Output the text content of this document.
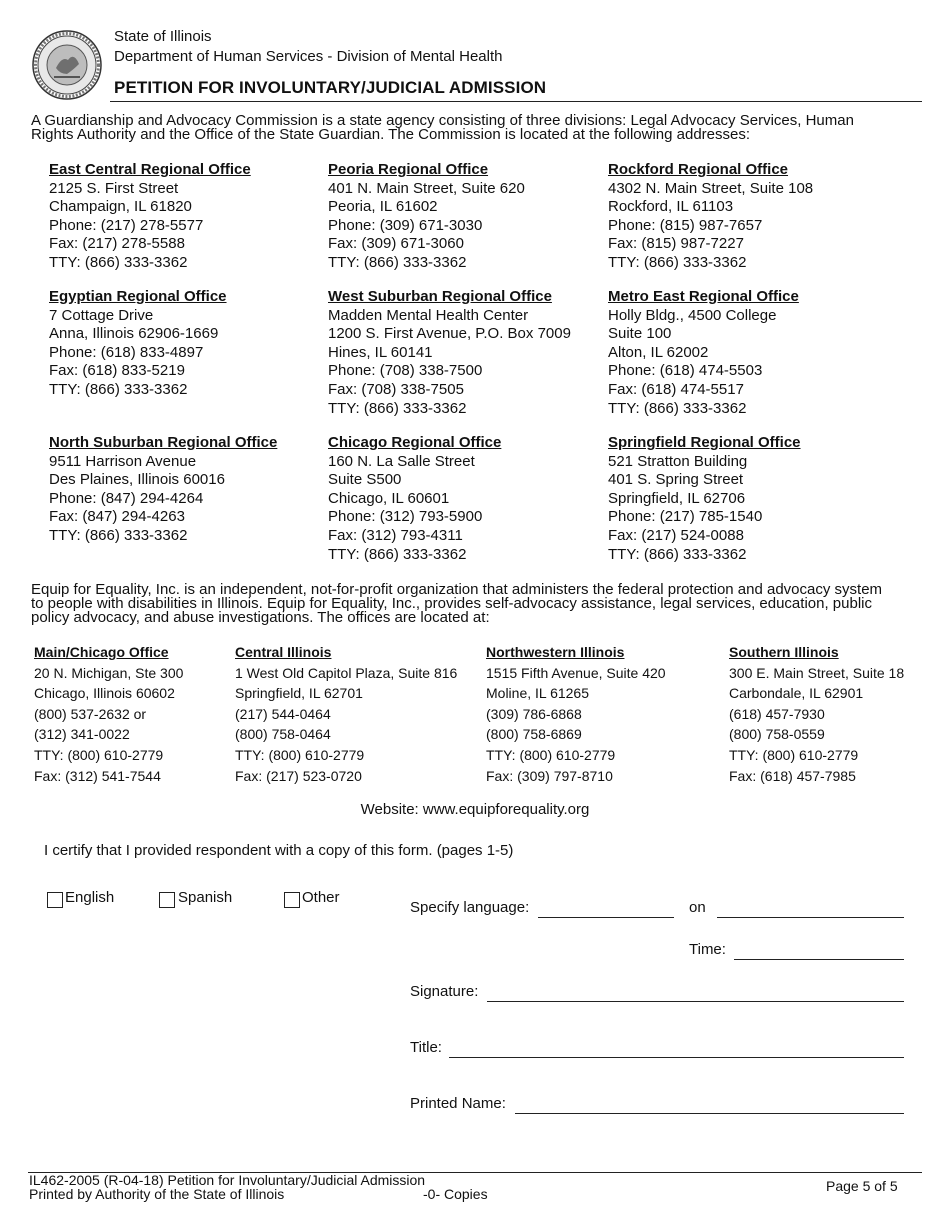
State of Illinois
Department of Human Services - Division of Mental Health
PETITION FOR INVOLUNTARY/JUDICIAL ADMISSION
A Guardianship and Advocacy Commission is a state agency consisting of three divisions: Legal Advocacy Services, Human
Rights Authority and the Office of the State Guardian. The Commission is located at the following addresses:
East Central Regional Office
2125 S. First Street
Champaign, IL 61820
Phone: (217) 278-5577
Fax: (217) 278-5588
TTY: (866) 333-3362
Peoria Regional Office
401 N. Main Street, Suite 620
Peoria, IL 61602
Phone: (309) 671-3030
Fax: (309) 671-3060
TTY: (866) 333-3362
Rockford Regional Office
4302 N. Main Street, Suite 108
Rockford, IL 61103
Phone: (815) 987-7657
Fax: (815) 987-7227
TTY: (866) 333-3362
Egyptian Regional Office
7 Cottage Drive
Anna, Illinois 62906-1669
Phone: (618) 833-4897
Fax: (618) 833-5219
TTY: (866) 333-3362
West Suburban Regional Office
Madden Mental Health Center
1200 S. First Avenue, P.O. Box 7009
Hines, IL 60141
Phone: (708) 338-7500
Fax: (708) 338-7505
TTY: (866) 333-3362
Metro East Regional Office
Holly Bldg., 4500 College
Suite 100
Alton, IL 62002
Phone: (618) 474-5503
Fax: (618) 474-5517
TTY: (866) 333-3362
North Suburban Regional Office
9511 Harrison Avenue
Des Plaines, Illinois 60016
Phone: (847) 294-4264
Fax: (847) 294-4263
TTY: (866) 333-3362
Chicago Regional Office
160 N. La Salle Street
Suite S500
Chicago, IL 60601
Phone: (312) 793-5900
Fax: (312) 793-4311
TTY: (866) 333-3362
Springfield Regional Office
521 Stratton Building
401 S. Spring Street
Springfield, IL 62706
Phone: (217) 785-1540
Fax: (217) 524-0088
TTY: (866) 333-3362
Equip for Equality, Inc. is an independent, not-for-profit organization that administers the federal protection and advocacy system
to people with disabilities in Illinois. Equip for Equality, Inc., provides self-advocacy assistance, legal services, education, public
policy advocacy, and abuse investigations. The offices are located at:
Main/Chicago Office
20 N. Michigan, Ste 300
Chicago, Illinois 60602
(800) 537-2632 or
(312) 341-0022
TTY: (800) 610-2779
Fax: (312) 541-7544
Central Illinois
1 West Old Capitol Plaza, Suite 816
Springfield, IL 62701
(217) 544-0464
(800) 758-0464
TTY: (800) 610-2779
Fax: (217) 523-0720
Northwestern Illinois
1515 Fifth Avenue, Suite 420
Moline, IL 61265
(309) 786-6868
(800) 758-6869
TTY: (800) 610-2779
Fax: (309) 797-8710
Southern Illinois
300 E. Main Street, Suite 18
Carbondale, IL 62901
(618) 457-7930
(800) 758-0559
TTY: (800) 610-2779
Fax: (618) 457-7985
Website: www.equipforequality.org
I certify that I provided respondent with a copy of this form. (pages 1-5)
English	Spanish	Other
Specify language:	on
Time:
Signature:
Title:
Printed Name:
IL462-2005 (R-04-18) Petition for Involuntary/Judicial Admission
Printed by Authority of the State of Illinois	-0- Copies	Page 5 of 5
